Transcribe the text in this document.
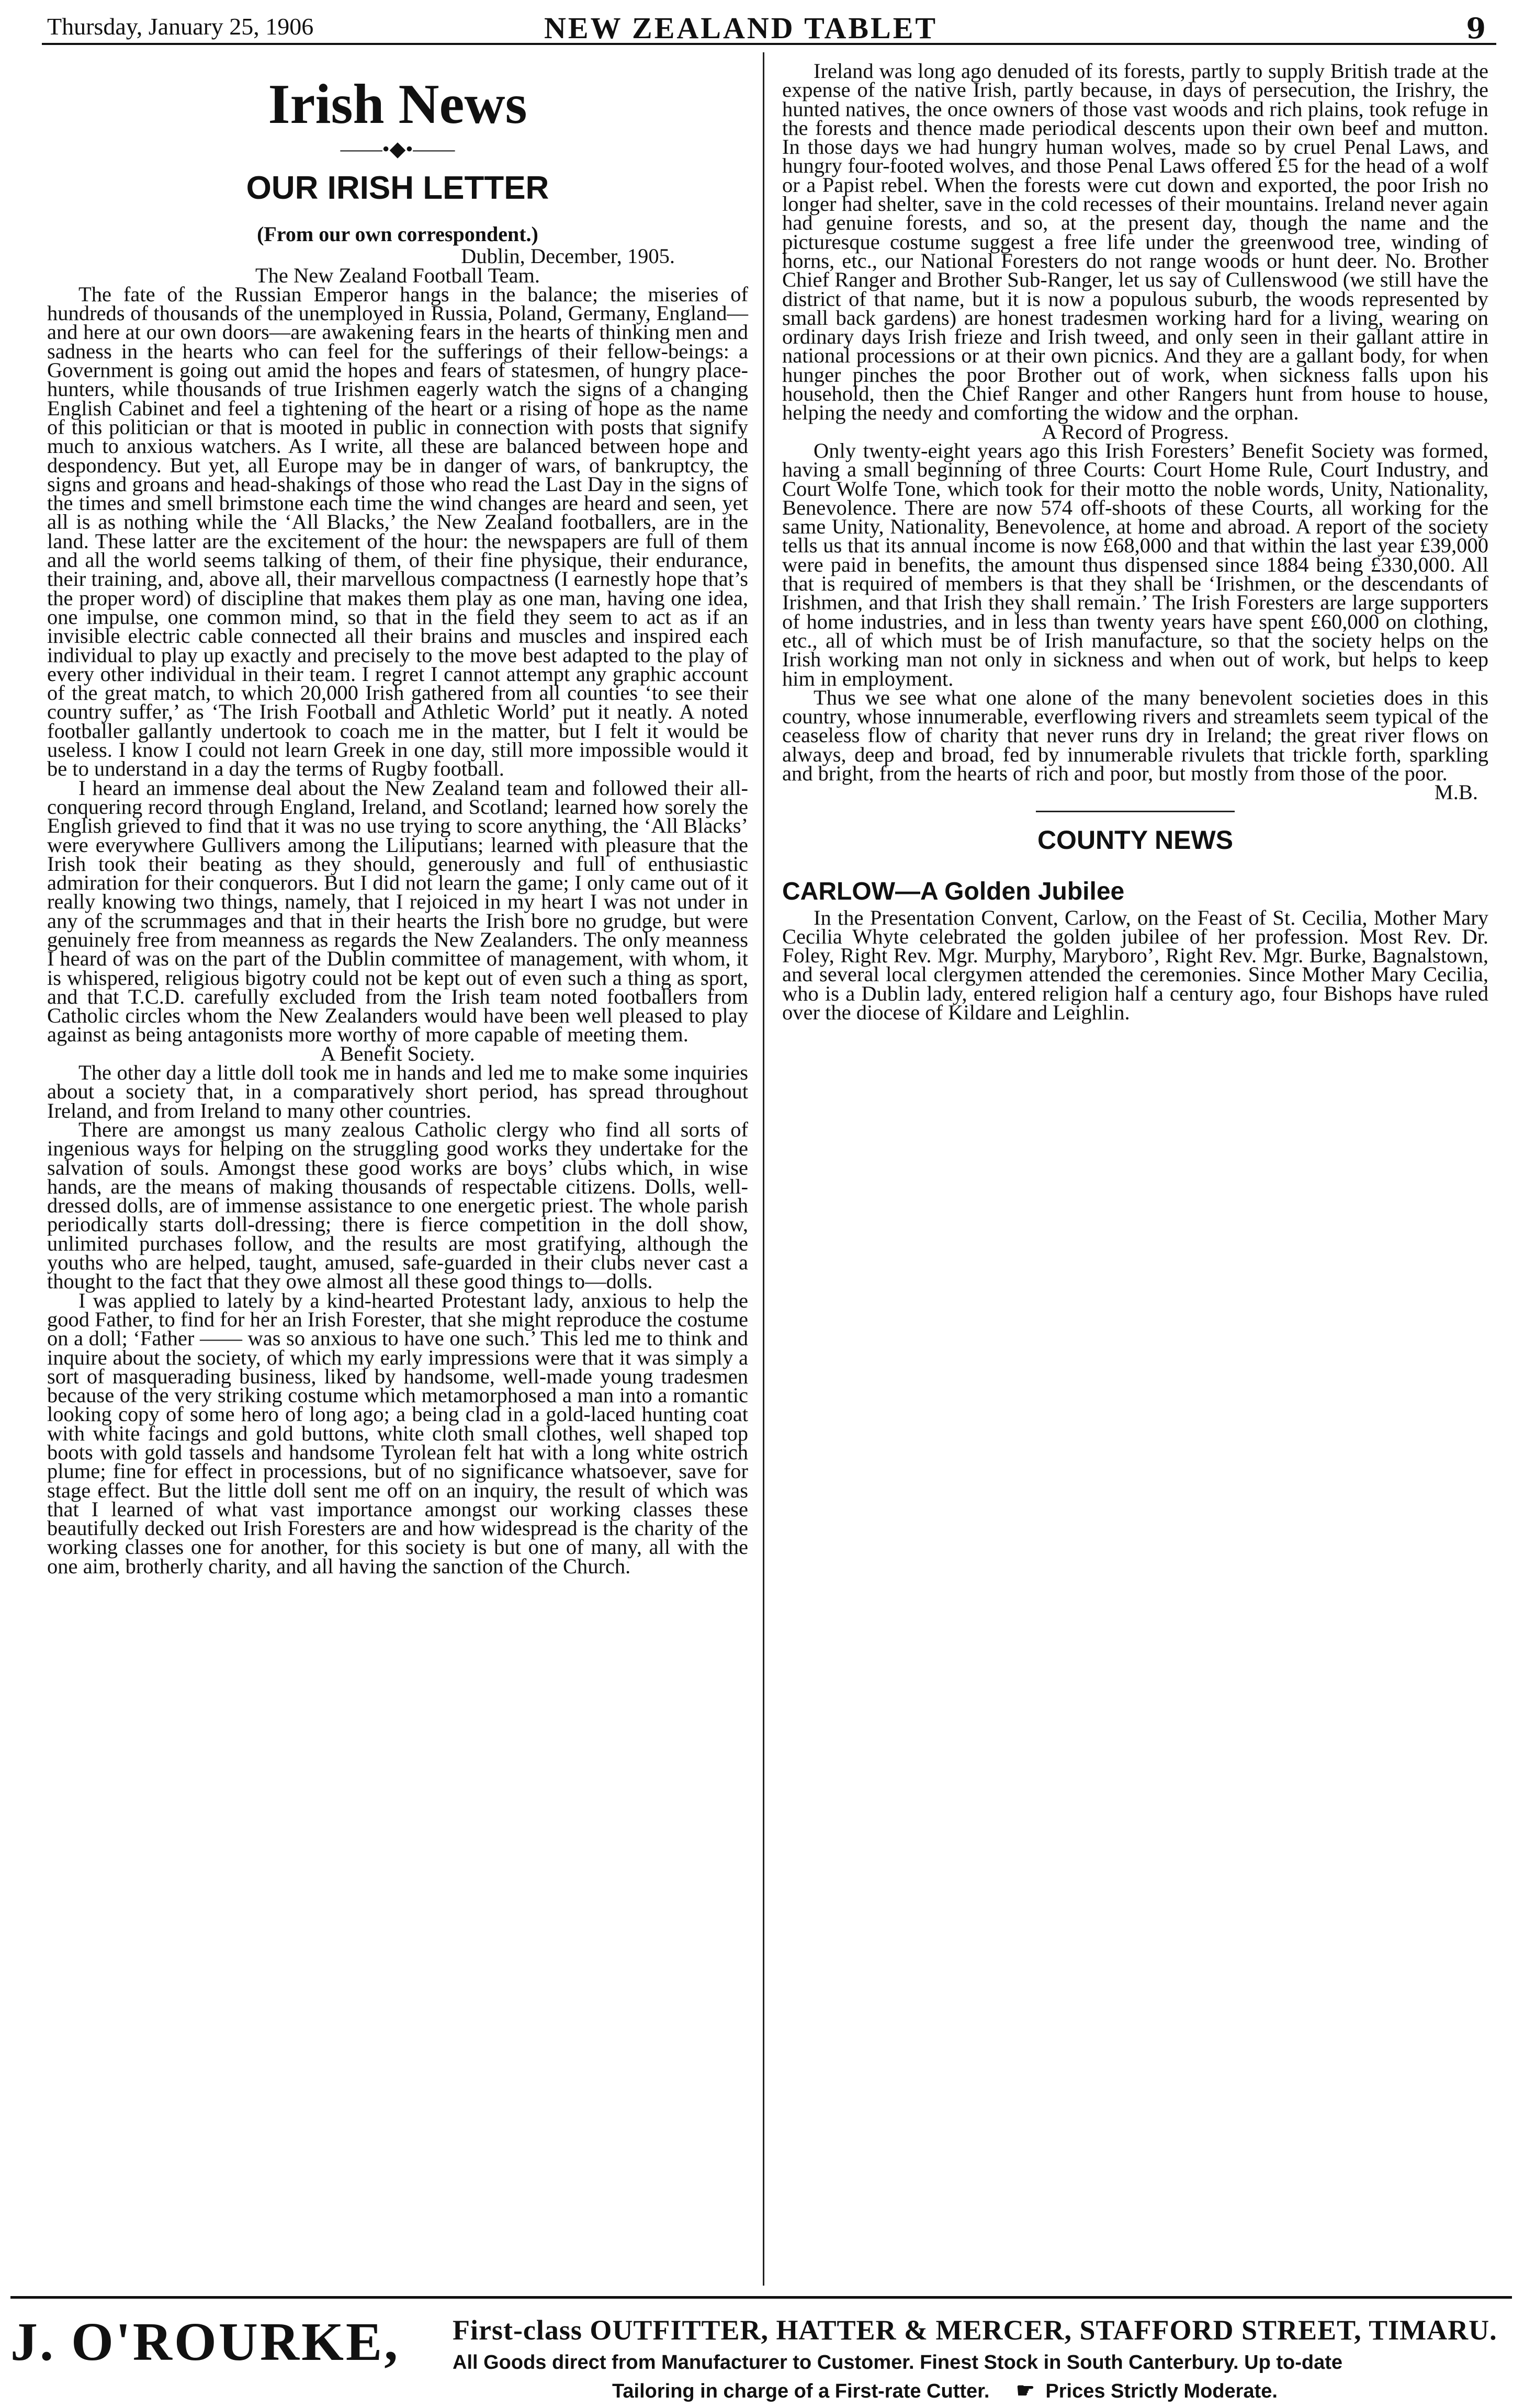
Thursday, January 25, 1906	NEW ZEALAND TABLET	9
Irish News
——•◆•——
OUR IRISH LETTER
(From our own correspondent.)

Dublin, December, 1905.

The New Zealand Football Team.

The fate of the Russian Emperor hangs in the balance; the miseries of hundreds of thousands of the unemployed in Russia, Poland, Germany, England—and here at our own doors—are awakening fears in the hearts of thinking men and sadness in the hearts who can feel for the sufferings of their fellow-beings: a Government is going out amid the hopes and fears of statesmen, of hungry place-hunters, while thousands of true Irishmen eagerly watch the signs of a changing English Cabinet and feel a tightening of the heart or a rising of hope as the name of this politician or that is mooted in public in connection with posts that signify much to anxious watchers. As I write, all these are balanced between hope and despondency. But yet, all Europe may be in danger of wars, of bankruptcy, the signs and groans and head-shakings of those who read the Last Day in the signs of the times and smell brimstone each time the wind changes are heard and seen, yet all is as nothing while the ‘All Blacks,’ the New Zealand footballers, are in the land. These latter are the excitement of the hour: the newspapers are full of them and all the world seems talking of them, of their fine physique, their endurance, their training, and, above all, their marvellous compactness (I earnestly hope that’s the proper word) of discipline that makes them play as one man, having one idea, one impulse, one common mind, so that in the field they seem to act as if an invisible electric cable connected all their brains and muscles and inspired each individual to play up exactly and precisely to the move best adapted to the play of every other individual in their team. I regret I cannot attempt any graphic account of the great match, to which 20,000 Irish gathered from all counties ‘to see their country suffer,’ as ‘The Irish Football and Athletic World’ put it neatly. A noted footballer gallantly undertook to coach me in the matter, but I felt it would be useless. I know I could not learn Greek in one day, still more impossible would it be to understand in a day the terms of Rugby football.

I heard an immense deal about the New Zealand team and followed their all-conquering record through England, Ireland, and Scotland; learned how sorely the English grieved to find that it was no use trying to score anything, the ‘All Blacks’ were everywhere Gullivers among the Liliputians; learned with pleasure that the Irish took their beating as they should, generously and full of enthusiastic admiration for their conquerors. But I did not learn the game; I only came out of it really knowing two things, namely, that I rejoiced in my heart I was not under in any of the scrummages and that in their hearts the Irish bore no grudge, but were genuinely free from meanness as regards the New Zealanders. The only meanness I heard of was on the part of the Dublin committee of management, with whom, it is whispered, religious bigotry could not be kept out of even such a thing as sport, and that T.C.D. carefully excluded from the Irish team noted footballers from Catholic circles whom the New Zealanders would have been well pleased to play against as being antagonists more worthy of more capable of meeting them.

A Benefit Society.

The other day a little doll took me in hands and led me to make some inquiries about a society that, in a comparatively short period, has spread throughout Ireland, and from Ireland to many other countries.

There are amongst us many zealous Catholic clergy who find all sorts of ingenious ways for helping on the struggling good works they undertake for the salvation of souls. Amongst these good works are boys’ clubs which, in wise hands, are the means of making thousands of respectable citizens. Dolls, well-dressed dolls, are of immense assistance to one energetic priest. The whole parish periodically starts doll-dressing; there is fierce competition in the doll show, unlimited purchases follow, and the results are most gratifying, although the youths who are helped, taught, amused, safe-guarded in their clubs never cast a thought to the fact that they owe almost all these good things to—dolls.

I was applied to lately by a kind-hearted Protestant lady, anxious to help the good Father, to find for her an Irish Forester, that she might reproduce the costume on a doll; ‘Father —— was so anxious to have one such.’ This led me to think and inquire about the society, of which my early impressions were that it was simply a sort of masquerading business, liked by handsome, well-made young tradesmen because of the very striking costume which metamorphosed a man into a romantic looking copy of some hero of long ago; a being clad in a gold-laced hunting coat with white facings and gold buttons, white cloth small clothes, well shaped top boots with gold tassels and handsome Tyrolean felt hat with a long white ostrich plume; fine for effect in processions, but of no significance whatsoever, save for stage effect. But the little doll sent me off on an inquiry, the result of which was that I learned of what vast importance amongst our working classes these beautifully decked out Irish Foresters are and how widespread is the charity of the working classes one for another, for this society is but one of many, all with the one aim, brotherly charity, and all having the sanction of the Church.

Ireland was long ago denuded of its forests, partly to supply British trade at the expense of the native Irish, partly because, in days of persecution, the Irishry, the hunted natives, the once owners of those vast woods and rich plains, took refuge in the forests and thence made periodical descents upon their own beef and mutton. In those days we had hungry human wolves, made so by cruel Penal Laws, and hungry four-footed wolves, and those Penal Laws offered £5 for the head of a wolf or a Papist rebel. When the forests were cut down and exported, the poor Irish no longer had shelter, save in the cold recesses of their mountains. Ireland never again had genuine forests, and so, at the present day, though the name and the picturesque costume suggest a free life under the greenwood tree, winding of horns, etc., our National Foresters do not range woods or hunt deer. No. Brother Chief Ranger and Brother Sub-Ranger, let us say of Cullenswood (we still have the district of that name, but it is now a populous suburb, the woods represented by small back gardens) are honest tradesmen working hard for a living, wearing on ordinary days Irish frieze and Irish tweed, and only seen in their gallant attire in national processions or at their own picnics. And they are a gallant body, for when hunger pinches the poor Brother out of work, when sickness falls upon his household, then the Chief Ranger and other Rangers hunt from house to house, helping the needy and comforting the widow and the orphan.

A Record of Progress.

Only twenty-eight years ago this Irish Foresters’ Benefit Society was formed, having a small beginning of three Courts: Court Home Rule, Court Industry, and Court Wolfe Tone, which took for their motto the noble words, Unity, Nationality, Benevolence. There are now 574 off-shoots of these Courts, all working for the same Unity, Nationality, Benevolence, at home and abroad. A report of the society tells us that its annual income is now £68,000 and that within the last year £39,000 were paid in benefits, the amount thus dispensed since 1884 being £330,000. All that is required of members is that they shall be ‘Irishmen, or the descendants of Irishmen, and that Irish they shall remain.’ The Irish Foresters are large supporters of home industries, and in less than twenty years have spent £60,000 on clothing, etc., all of which must be of Irish manufacture, so that the society helps on the Irish working man not only in sickness and when out of work, but helps to keep him in employment.

Thus we see what one alone of the many benevolent societies does in this country, whose innumerable, everflowing rivers and streamlets seem typical of the ceaseless flow of charity that never runs dry in Ireland; the great river flows on always, deep and broad, fed by innumerable rivulets that trickle forth, sparkling and bright, from the hearts of rich and poor, but mostly from those of the poor.

M.B.

COUNTY NEWS
CARLOW—A Golden Jubilee

In the Presentation Convent, Carlow, on the Feast of St. Cecilia, Mother Mary Cecilia Whyte celebrated the golden jubilee of her profession. Most Rev. Dr. Foley, Right Rev. Mgr. Murphy, Maryboro’, Right Rev. Mgr. Burke, Bagnalstown, and several local clergymen attended the ceremonies. Since Mother Mary Cecilia, who is a Dublin lady, entered religion half a century ago, four Bishops have ruled over the diocese of Kildare and Leighlin.

J. O'ROURKE, First-class OUTFITTER, HATTER & MERCER, STAFFORD STREET, TIMARU.
All Goods direct from Manufacturer to Customer. Finest Stock in South Canterbury. Up to-date
Tailoring in charge of a First-rate Cutter. ☛ Prices Strictly Moderate.
